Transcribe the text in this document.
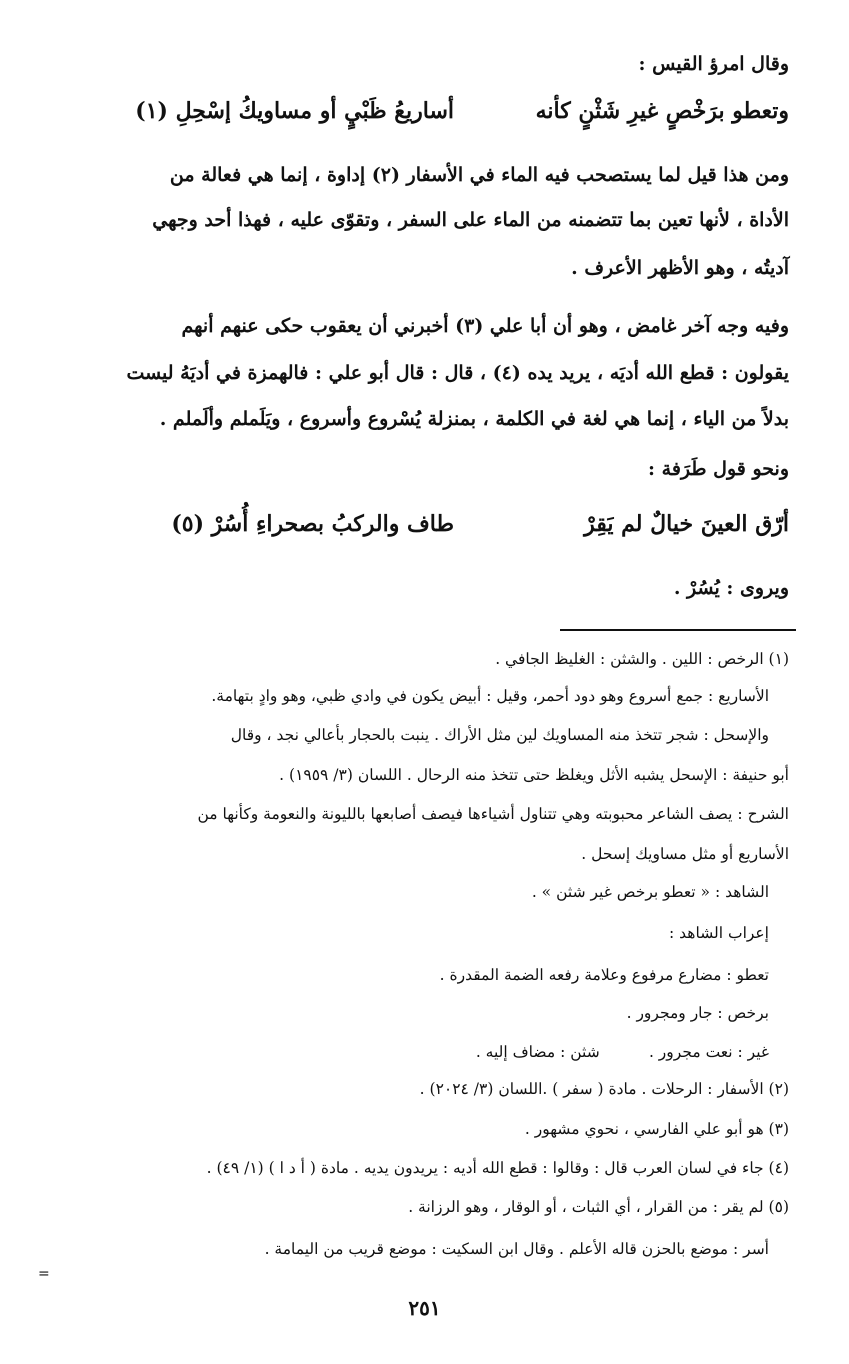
وقال امرؤ القيس :
وتعطو برَخْصٍ غيرِ شَثْنٍ كأنه
أساريعُ ظَبْيٍ أو مساويكُ إسْحِلِ (١)
ومن هذا قيل لما يستصحب فيه الماء في الأسفار (٢) إداوة ، إنما هي فعالة من
الأداة ، لأنها تعين بما تتضمنه من الماء على السفر ، وتقوّى عليه ، فهذا أحد وجهي
آديتُه ، وهو الأظهر الأعرف .
وفيه وجه آخر غامض ، وهو أن أبا علي (٣) أخبرني أن يعقوب حكى عنهم أنهم
يقولون : قطع الله أديَه ، يريد يده (٤) ، قال : قال أبو علي : فالهمزة في أديَهُ ليست
بدلاً من الياء ، إنما هي لغة في الكلمة ، بمنزلة يُسْروع وأسروع ، ويَلَملم وألَملم .
ونحو قول طَرَفة :
أرّق العينَ خيالٌ لم يَقِرْ
طاف والركبُ بصحراءِ أُسُرْ (٥)
ويروى : يُسُرْ .
(١) الرخص : اللين . والشثن : الغليظ الجافي .
الأساريع : جمع أسروع وهو دود أحمر، وقيل : أبيض يكون في وادي ظبي، وهو وادٍ بتهامة.
والإسحل : شجر تتخذ منه المساويك لين مثل الأراك . ينبت بالحجار بأعالي نجد ، وقال
أبو حنيفة : الإسحل يشبه الأثل ويغلظ حتى تتخذ منه الرحال . اللسان (٣/ ١٩٥٩) .
الشرح : يصف الشاعر محبوبته وهي تتناول أشياءها فيصف أصابعها بالليونة والنعومة وكأنها من
الأساريع أو مثل مساويك إسحل .
الشاهد : « تعطو برخص غير شثن » .
إعراب الشاهد :
تعطو : مضارع مرفوع وعلامة رفعه الضمة المقدرة .
برخص : جار ومجرور .
غير : نعت مجرور .          شثن : مضاف إليه .
(٢) الأسفار : الرحلات . مادة ( سفر ) .اللسان (٣/ ٢٠٢٤) .
(٣) هو أبو علي الفارسي ، نحوي مشهور .
(٤) جاء في لسان العرب قال : وقالوا : قطع الله أديه : يريدون يديه . مادة ( أ د ا ) (١/ ٤٩) .
(٥) لم يقر : من القرار ، أي الثبات ، أو الوقار ، وهو الرزانة .
أسر : موضع بالحزن قاله الأعلم . وقال ابن السكيت : موضع قريب من اليمامة .
=
٢٥١
